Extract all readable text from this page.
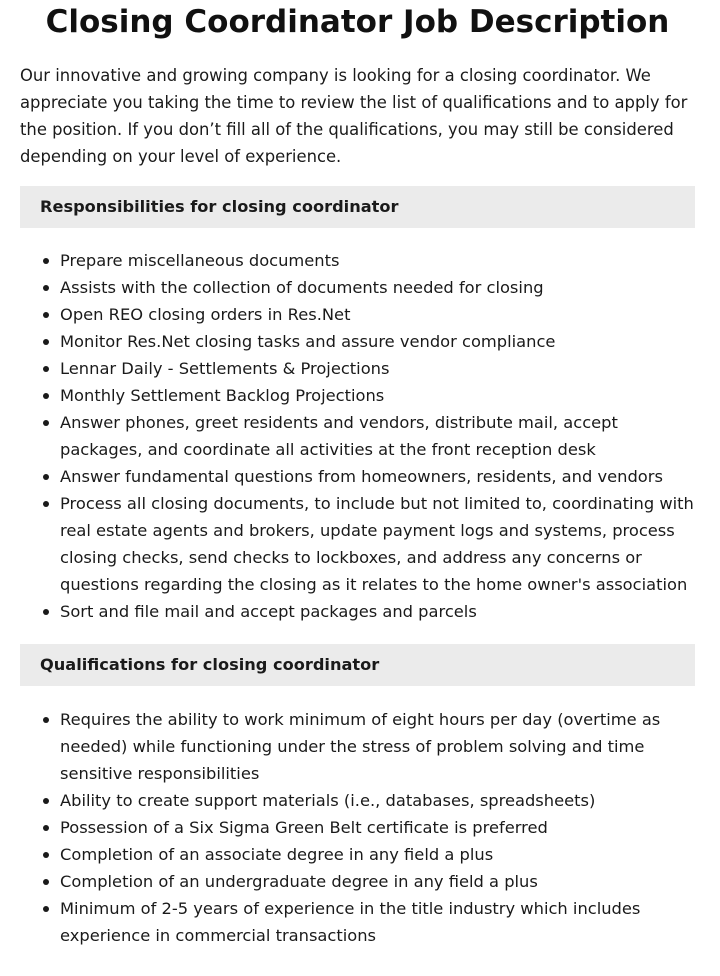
Closing Coordinator Job Description

Our innovative and growing company is looking for a closing coordinator. We appreciate you taking the time to review the list of qualifications and to apply for the position. If you don’t fill all of the qualifications, you may still be considered depending on your level of experience.

Responsibilities for closing coordinator
Prepare miscellaneous documents
Assists with the collection of documents needed for closing
Open REO closing orders in Res.Net
Monitor Res.Net closing tasks and assure vendor compliance
Lennar Daily - Settlements & Projections
Monthly Settlement Backlog Projections
Answer phones, greet residents and vendors, distribute mail, accept packages, and coordinate all activities at the front reception desk
Answer fundamental questions from homeowners, residents, and vendors
Process all closing documents, to include but not limited to, coordinating with real estate agents and brokers, update payment logs and systems, process closing checks, send checks to lockboxes, and address any concerns or questions regarding the closing as it relates to the home owner's association
Sort and file mail and accept packages and parcels
Qualifications for closing coordinator
Requires the ability to work minimum of eight hours per day (overtime as needed) while functioning under the stress of problem solving and time sensitive responsibilities
Ability to create support materials (i.e., databases, spreadsheets)
Possession of a Six Sigma Green Belt certificate is preferred
Completion of an associate degree in any field a plus
Completion of an undergraduate degree in any field a plus
Minimum of 2-5 years of experience in the title industry which includes experience in commercial transactions
